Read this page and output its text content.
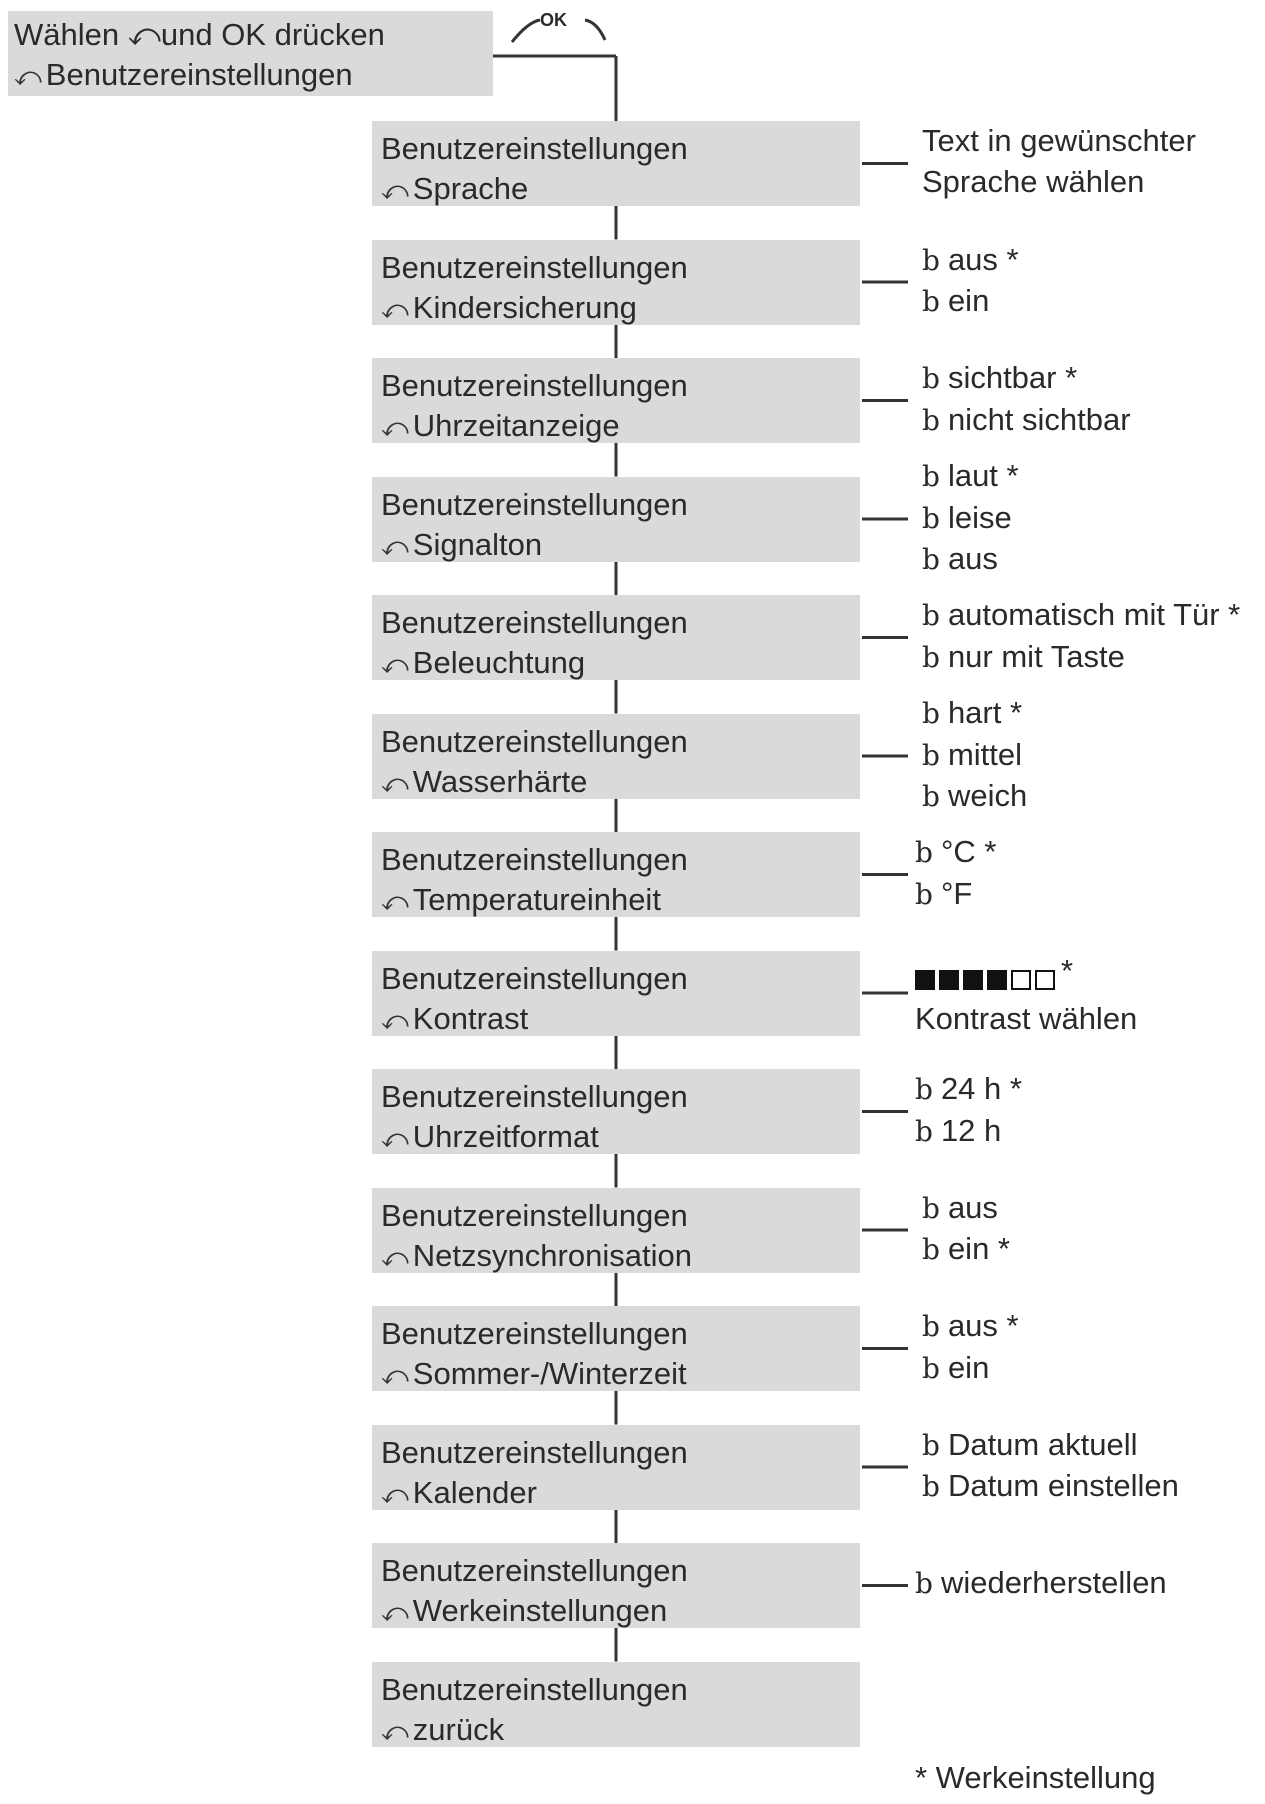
Wählen ⤺und OK drücken
⤺ Benutzereinstellungen
OK
Benutzereinstellungen
⤺ Sprache
Text in gewünschter
Sprache wählen
Benutzereinstellungen
⤺ Kindersicherung
b aus *
b ein
Benutzereinstellungen
⤺ Uhrzeitanzeige
b sichtbar *
b nicht sichtbar
Benutzereinstellungen
⤺ Signalton
b laut *
b leise
b aus
Benutzereinstellungen
⤺ Beleuchtung
b automatisch mit Tür *
b nur mit Taste
Benutzereinstellungen
⤺ Wasserhärte
b hart *
b mittel
b weich
Benutzereinstellungen
⤺ Temperatureinheit
b °C *
b °F
Benutzereinstellungen
⤺ Kontrast
*
Kontrast wählen
Benutzereinstellungen
⤺ Uhrzeitformat
b 24 h *
b 12 h
Benutzereinstellungen
⤺ Netzsynchronisation
b aus
b ein *
Benutzereinstellungen
⤺ Sommer-/Winterzeit
b aus *
b ein
Benutzereinstellungen
⤺ Kalender
b Datum aktuell
b Datum einstellen
Benutzereinstellungen
⤺ Werkeinstellungen
b wiederherstellen
Benutzereinstellungen
⤺ zurück
* Werkeinstellung
